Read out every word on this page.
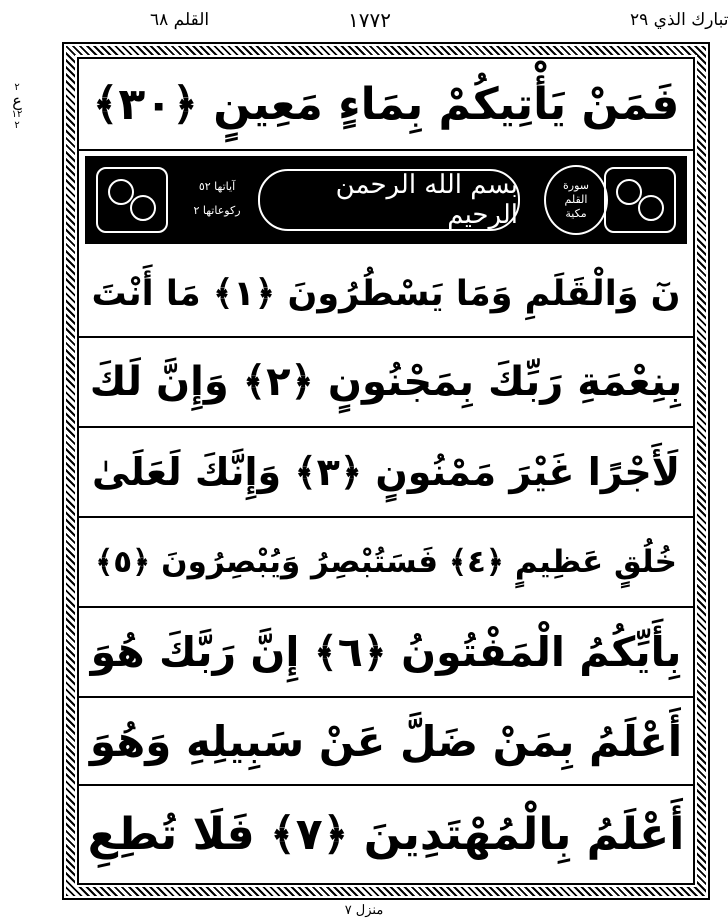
القلم ٦٨	١٧٧٢	تبارك الذي ٢٩
٢
ع
١٢
٢ فَمَنْ يَأْتِيكُمْ بِمَاءٍ مَعِينٍ ﴿٣٠﴾
آياتها ٥٢
ركوعاتها ٢
بسم الله الرحمن الرحيم
سورة
القلم
مكية
نٓ وَالْقَلَمِ وَمَا يَسْطُرُونَ ﴿١﴾ مَا أَنْتَ
بِنِعْمَةِ رَبِّكَ بِمَجْنُونٍ ﴿٢﴾ وَإِنَّ لَكَ
لَأَجْرًا غَيْرَ مَمْنُونٍ ﴿٣﴾ وَإِنَّكَ لَعَلَىٰ
خُلُقٍ عَظِيمٍ ﴿٤﴾ فَسَتُبْصِرُ وَيُبْصِرُونَ ﴿٥﴾
بِأَيِّكُمُ الْمَفْتُونُ ﴿٦﴾ إِنَّ رَبَّكَ هُوَ
أَعْلَمُ بِمَنْ ضَلَّ عَنْ سَبِيلِهِ وَهُوَ
أَعْلَمُ بِالْمُهْتَدِينَ ﴿٧﴾ فَلَا تُطِعِ
منزل ٧
